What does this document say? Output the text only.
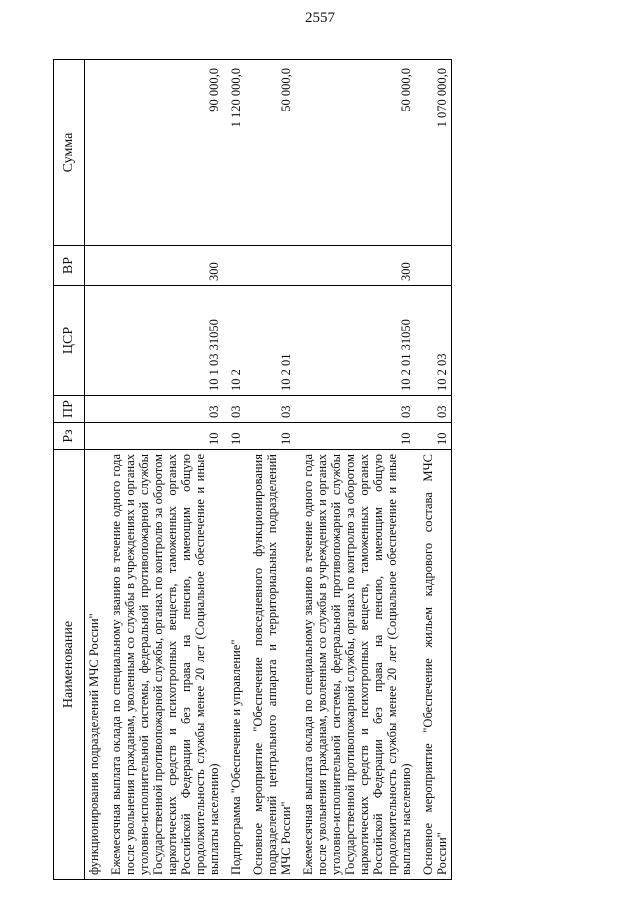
2557
Наименование	Рз	ПР	ЦСР	ВР	Сумма
функционирования подразделений МЧС России"					

Ежемесячная выплата оклада по специальному званию в течение одного года после увольнения гражданам, уволенным со службы в учреждениях и органах уголовно-исполнительной системы, федеральной противопожарной службы Государственной противопожарной службы, органах по контролю за оборотом наркотических средств и психотропных веществ, таможенных органах Российской Федерации без права на пенсию, имеющим общую продолжительность службы менее 20 лет (Социальное обеспечение и иные выплаты населению)	10	03	10 1 03 31050	300	90 000,0

Подпрограмма "Обеспечение и управление"	10	03	10 2		1 120 000,0

Основное мероприятие "Обеспечение повседневного функционирования подразделений центрального аппарата и территориальных подразделений МЧС России"	10	03	10 2 01		50 000,0

Ежемесячная выплата оклада по специальному званию в течение одного года после увольнения гражданам, уволенным со службы в учреждениях и органах уголовно-исполнительной системы, федеральной противопожарной службы Государственной противопожарной службы, органах по контролю за оборотом наркотических средств и психотропных веществ, таможенных органах Российской Федерации без права на пенсию, имеющим общую продолжительность службы менее 20 лет (Социальное обеспечение и иные выплаты населению)	10	03	10 2 01 31050	300	50 000,0

Основное мероприятие "Обеспечение жильем кадрового состава МЧС России"	10	03	10 2 03		1 070 000,0
